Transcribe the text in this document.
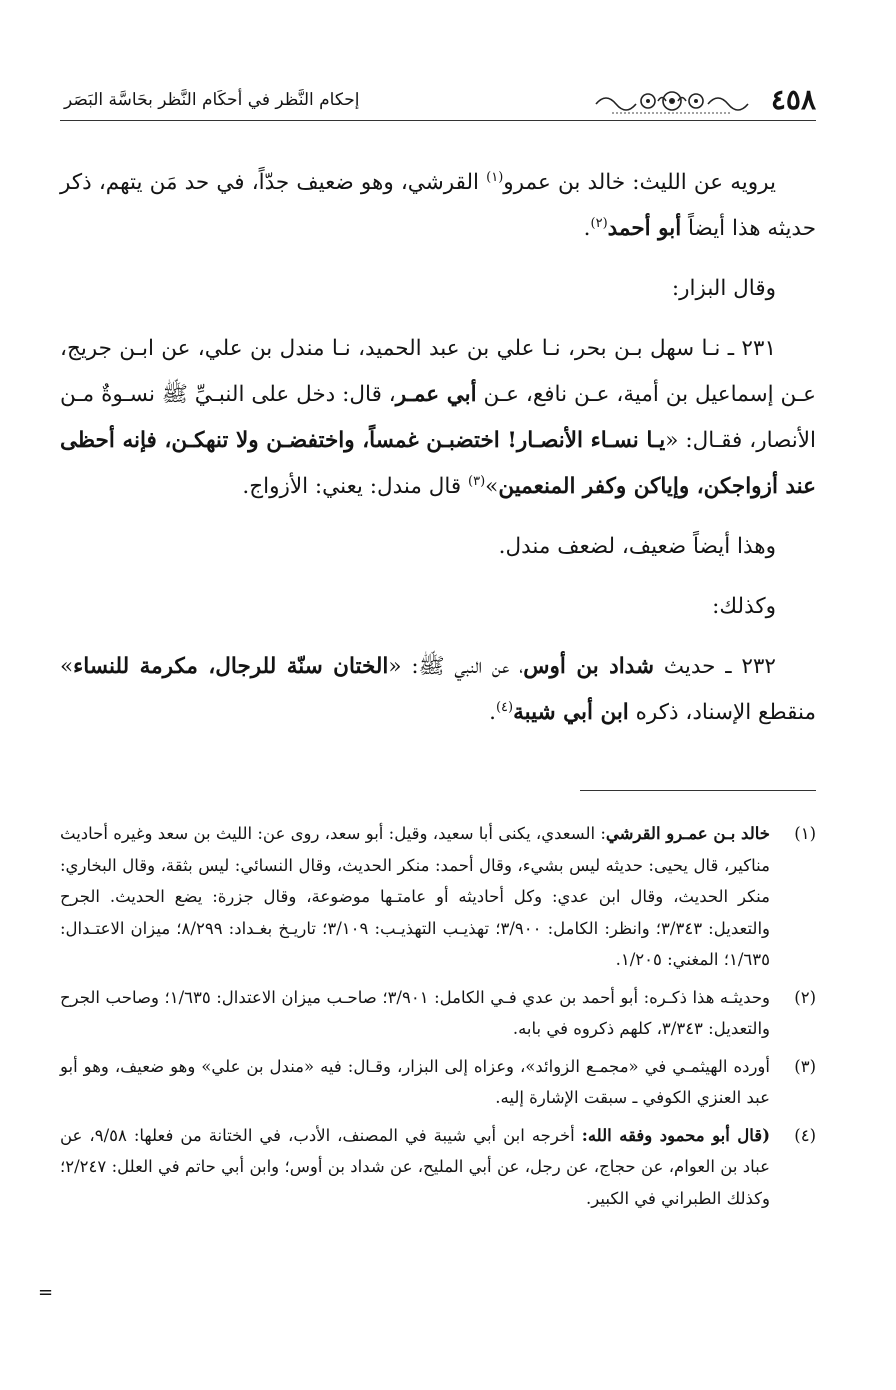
٤٥٨
إحكام النَّظر في أحكَام النَّظر بحَاسَّة البَصَر

يرويه عن الليث: خالد بن عمرو$^{(١)}$ القرشي، وهو ضعيف جدّاً، في حد مَن يتهم، ذكر حديثه هذا أيضاً أبو أحمد$^{(٢)}$.

وقال البزار:

٢٣١ ـ نـا سهل بـن بحر، نـا علي بن عبد الحميد، نـا مندل بن علي، عن ابـن جريج، عـن إسماعيل بن أمية، عـن نافع، عـن أبي عمـر، قال: دخل على النبـيِّ ﷺ نسـوةٌ مـن الأنصار، فقـال: «يـا نسـاء الأنصـار! اختضبـن غمساً، واختفضـن ولا تنهكـن، فإنه أحظى عند أزواجكن، وإياكن وكفر المنعمين»$^{(٣)}$ قال مندل: يعني: الأزواج.

وهذا أيضاً ضعيف، لضعف مندل.

وكذلك:

٢٣٢ ـ حديث شداد بن أوس، عن النبي ﷺ: «الختان سنّة للرجال، مكرمة للنساء» منقطع الإسناد، ذكره ابن أبي شيبة$^{(٤)}$.

(١)
خالد بـن عمـرو القرشي: السعدي، يكنى أبا سعيد، وقيل: أبو سعد، روى عن: الليث بن سعد وغيره أحاديث مناكير، قال يحيى: حديثه ليس بشيء، وقال أحمد: منكر الحديث، وقال النسائي: ليس بثقة، وقال البخاري: منكر الحديث، وقال ابن عدي: وكل أحاديثه أو عامتـها موضوعة، وقال جزرة: يضع الحديث. الجرح والتعديل: ٣/٣٤٣؛ وانظر: الكامل: ٣/٩٠٠؛ تهذيـب التهذيـب: ٣/١٠٩؛ تاريـخ بغـداد: ٨/٢٩٩؛ ميزان الاعتـدال: ١/٦٣٥؛ المغني: ١/٢٠٥.
(٢)
وحديثـه هذا ذكـره: أبو أحمد بن عدي فـي الكامل: ٣/٩٠١؛ صاحـب ميزان الاعتدال: ١/٦٣٥؛ وصاحب الجرح والتعديل: ٣/٣٤٣، كلهم ذكروه في بابه.
(٣)
أورده الهيثمـي في «مجمـع الزوائد»، وعزاه إلى البزار، وقـال: فيه «مندل بن علي» وهو ضعيف، وهو أبو عبد العنزي الكوفي ـ سبقت الإشارة إليه.
(٤)
(قال أبو محمود وفقه الله: أخرجه ابن أبي شيبة في المصنف، الأدب، في الختانة من فعلها: ٩/٥٨، عن عباد بن العوام، عن حجاج، عن رجل، عن أبي المليح، عن شداد بن أوس؛ وابن أبي حاتم في العلل: ٢/٢٤٧؛ وكذلك الطبراني في الكبير.
=
